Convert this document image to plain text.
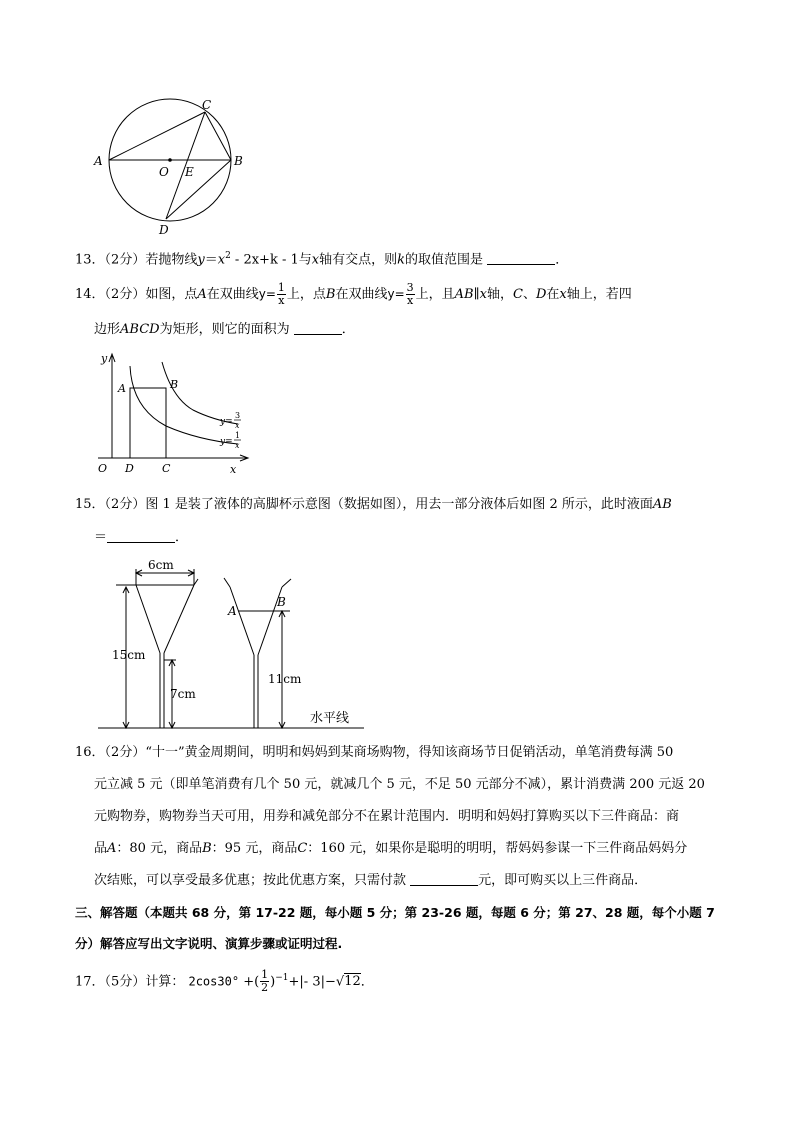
A	B
C
D
O E
13．（2分）若抛物线$y=x^2 - 2x+k - 1$与x轴有交点，则k的取值范围是	．
14．（2分）如图，点A在双曲线$y= \frac{1}{x}$ 上，点B在双曲线$y= \frac{3}{x}$ 上，且AB∥x轴，C、D在x轴上，若四
边形ABCD为矩形，则它的面积为	．
y
x
O
A	B
D	C
y=
3
x
y=
1
x
15．（2分）图 1 是装了液体的高脚杯示意图（数据如图），用去一部分液体后如图 2 所示，此时液面AB
＝	．
6cm
15cm
7cm
A
B
11cm
水平线
16．（2分）“十一”黄金周期间，明明和妈妈到某商场购物，得知该商场节日促销活动，单笔消费每满 50
元立减 5 元（即单笔消费有几个 50 元，就减几个 5 元，不足 50 元部分不减），累计消费满 200 元返 20
元购物券，购物券当天可用，用券和减免部分不在累计范围内．明明和妈妈打算购买以下三件商品：商
品A：80 元，商品B：95 元，商品C：160 元，如果你是聪明的明明，帮妈妈参谋一下三件商品妈妈分
次结账，可以享受最多优惠；按此优惠方案，只需付款	元，即可购买以上三件商品．
三、解答题（本题共 68 分，第 17-22 题，每小题 5 分；第 23-26 题，每题 6 分；第 27、28 题，每个小题 7
分）解答应写出文字说明、演算步骤或证明过程.
17．（5分）计算： 2cos30° +( $\frac{1}{2} )^{-1}+|-$ 3|−√12．
